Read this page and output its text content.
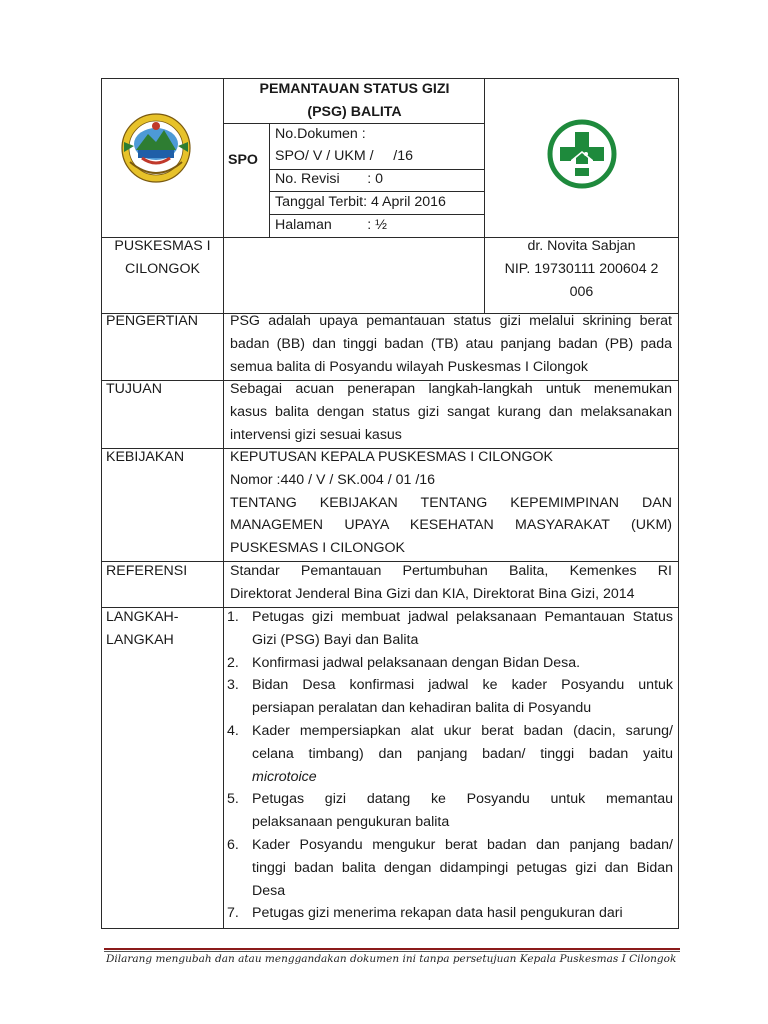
PEMANTAUAN STATUS GIZI
(PSG) BALITA
SPO
No.Dokumen :
SPO/ V / UKM /     /16
No. Revisi       : 0
Tanggal Terbit: 4 April 2016
Halaman         : ½
PUSKESMAS I
CILONGOK
dr. Novita Sabjan
NIP. 19730111 200604 2
006
PENGERTIAN PSG adalah upaya pemantauan status gizi melalui skrining berat
badan (BB) dan tinggi badan (TB) atau panjang badan (PB) pada
semua balita di Posyandu wilayah Puskesmas I Cilongok
TUJUAN	Sebagai acuan penerapan langkah-langkah untuk menemukan
kasus balita dengan status gizi sangat kurang dan melaksanakan
intervensi gizi sesuai kasus
KEBIJAKAN	KEPUTUSAN KEPALA PUSKESMAS I CILONGOK
Nomor :440 / V / SK.004 / 01 /16
TENTANG KEBIJAKAN TENTANG KEPEMIMPINAN DAN
MANAGEMEN UPAYA KESEHATAN MASYARAKAT (UKM)
PUSKESMAS I CILONGOK
REFERENSI	Standar Pemantauan Pertumbuhan Balita, Kemenkes RI
Direktorat Jenderal Bina Gizi dan KIA, Direktorat Bina Gizi, 2014
LANGKAH-
LANGKAH
1. Petugas gizi membuat jadwal pelaksanaan Pemantauan Status
Gizi (PSG) Bayi dan Balita
2. Konfirmasi jadwal pelaksanaan dengan Bidan Desa.
3. Bidan Desa konfirmasi jadwal ke kader Posyandu untuk
persiapan peralatan dan kehadiran balita di Posyandu
4. Kader mempersiapkan alat ukur berat badan (dacin, sarung/
celana timbang) dan panjang badan/ tinggi badan yaitu
microtoice
5. Petugas gizi datang ke Posyandu untuk memantau
pelaksanaan pengukuran balita
6. Kader Posyandu mengukur berat badan dan panjang badan/
tinggi badan balita dengan didampingi petugas gizi dan Bidan
Desa
7. Petugas gizi menerima rekapan data hasil pengukuran dari
Dilarang mengubah dan atau menggandakan dokumen ini tanpa persetujuan Kepala Puskesmas I Cilongok
